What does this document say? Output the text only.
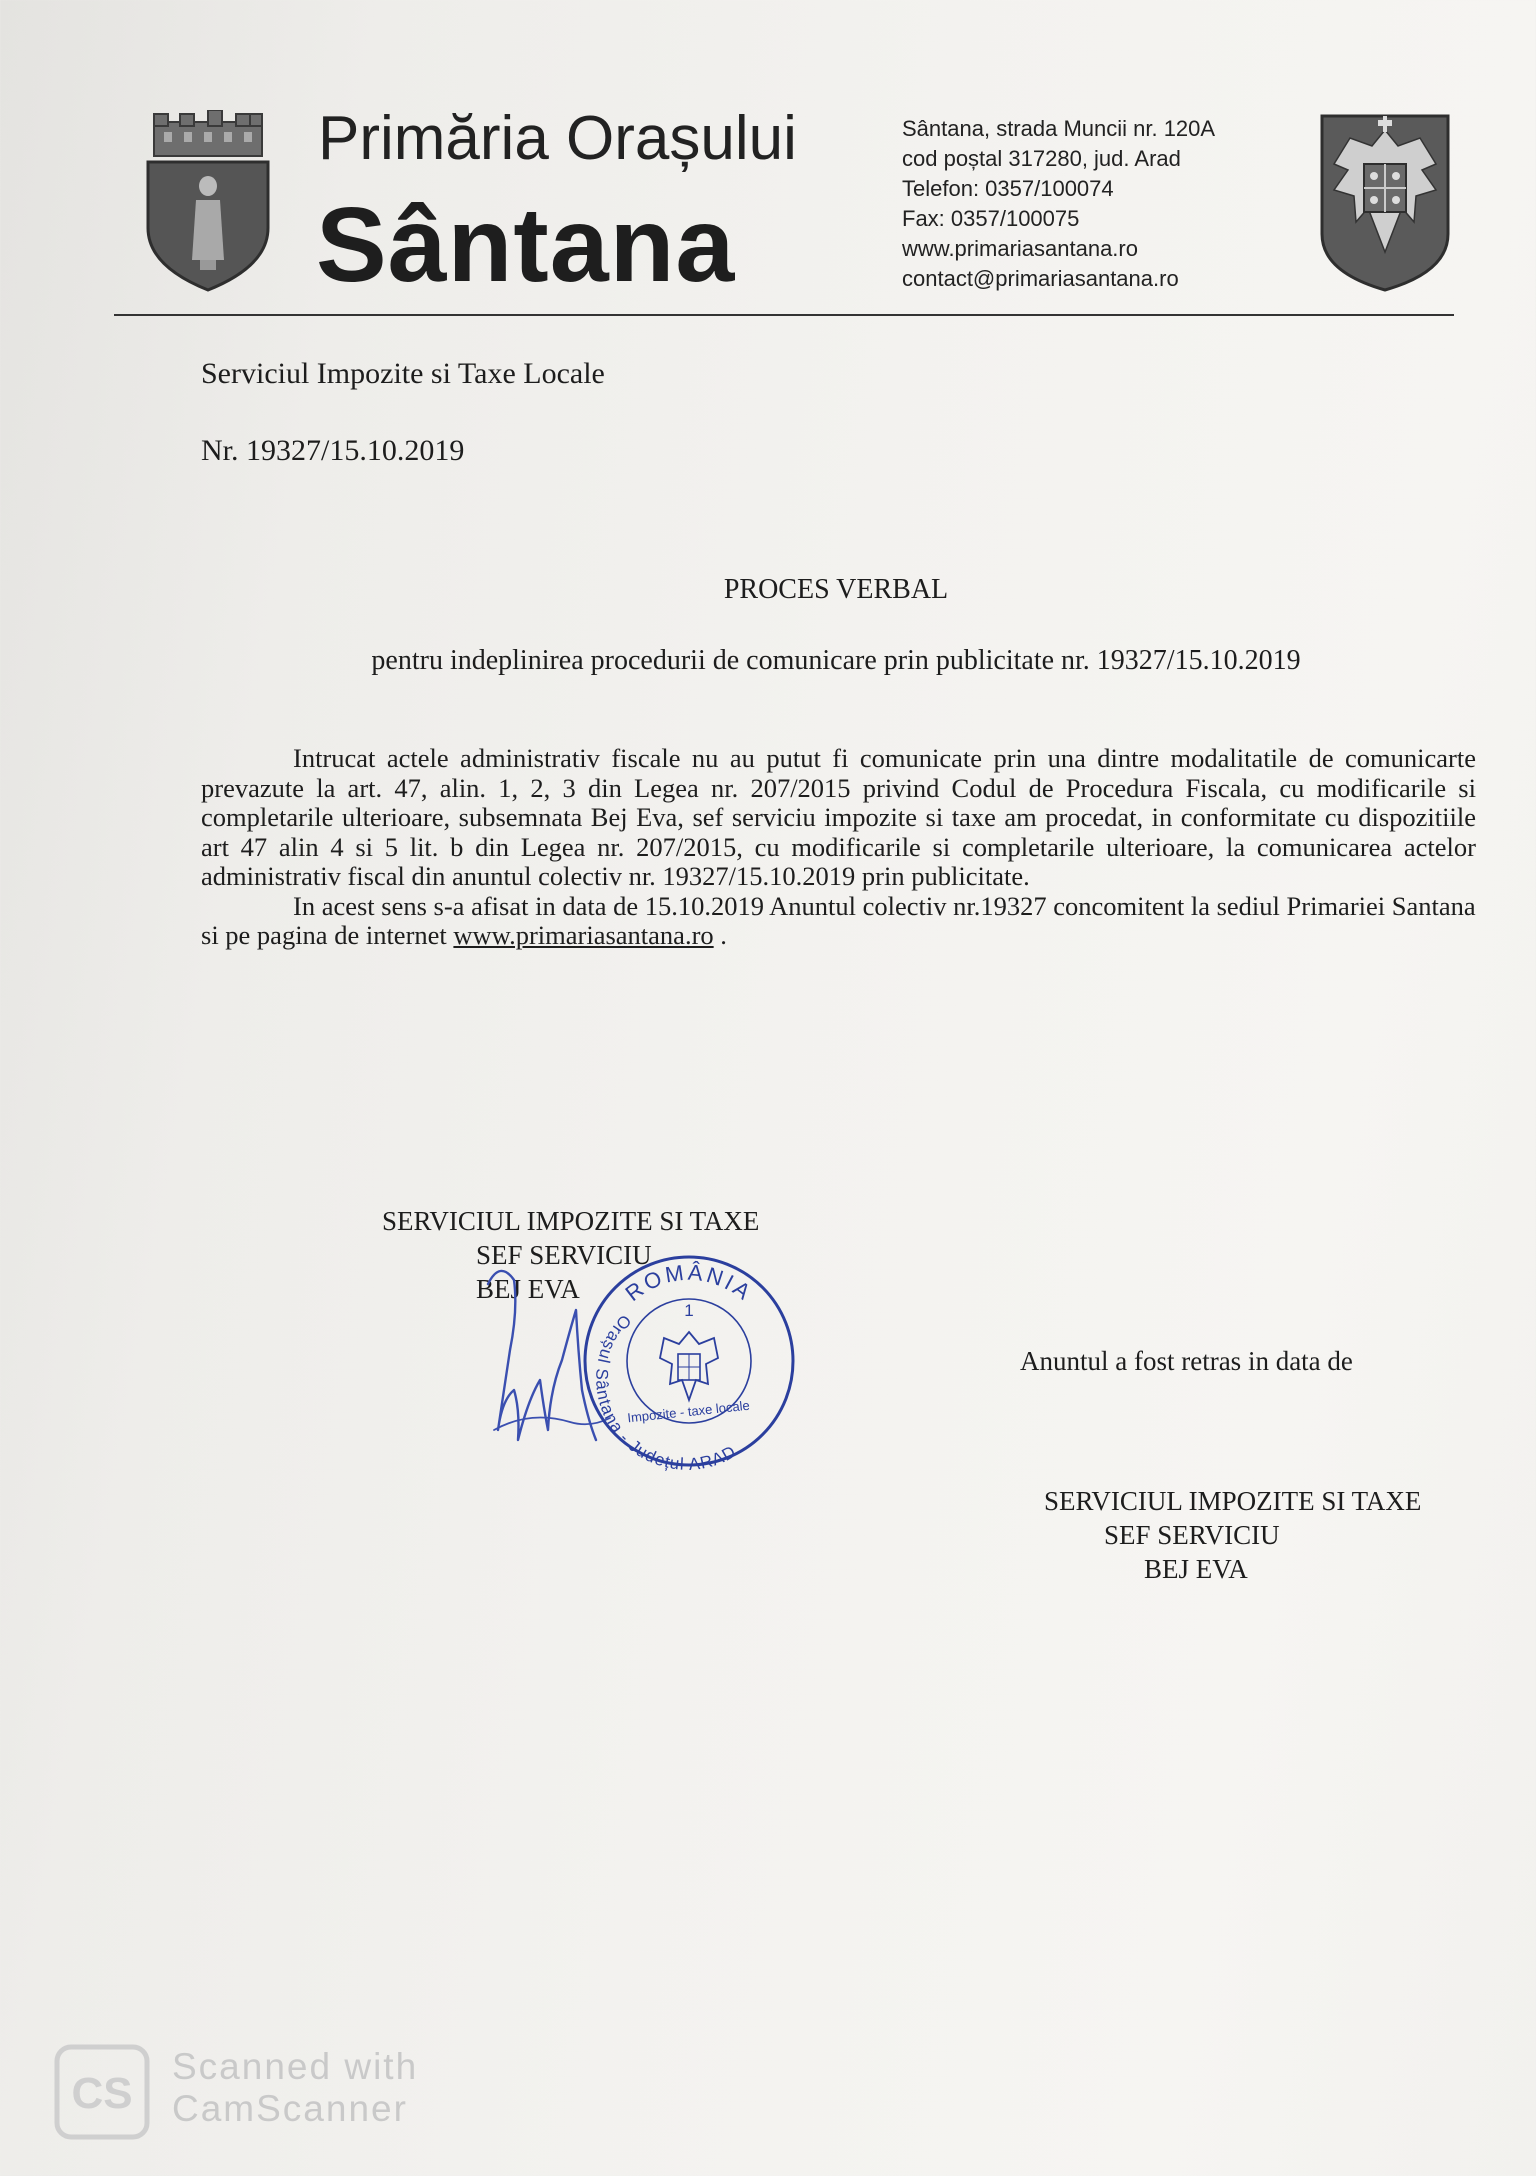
Primăria Orașului
Sântana
Sântana, strada Muncii nr. 120A
cod poștal 317280, jud. Arad
Telefon: 0357/100074
Fax: 0357/100075
www.primariasantana.ro
contact@primariasantana.ro
Serviciul Impozite si Taxe Locale
Nr. 19327/15.10.2019
PROCES VERBAL
pentru indeplinirea procedurii de comunicare prin publicitate nr. 19327/15.10.2019

Intrucat actele administrativ fiscale nu au putut fi comunicate prin una dintre modalitatile de comunicarte prevazute la art. 47, alin. 1, 2, 3 din Legea nr. 207/2015 privind Codul de Procedura Fiscala, cu modificarile si completarile ulterioare, subsemnata Bej Eva, sef serviciu impozite si taxe am procedat, in conformitate cu dispozitiile art 47 alin 4 si 5 lit. b din Legea nr. 207/2015, cu modificarile si completarile ulterioare, la comunicarea actelor administrativ fiscal din anuntul colectiv nr. 19327/15.10.2019 prin publicitate.

In acest sens s-a afisat in data de 15.10.2019 Anuntul colectiv nr.19327 concomitent la sediul Primariei Santana si pe pagina de internet www.primariasantana.ro .

SERVICIUL IMPOZITE SI TAXE
SEF SERVICIU
BEJ EVA ROMÂNIA
Orașul Sântana - Județul ARAD
1
Impozite - taxe locale
Anuntul a fost retras in data de
SERVICIUL IMPOZITE SI TAXE
SEF SERVICIU
BEJ EVA
CS
Scanned with
CamScanner
